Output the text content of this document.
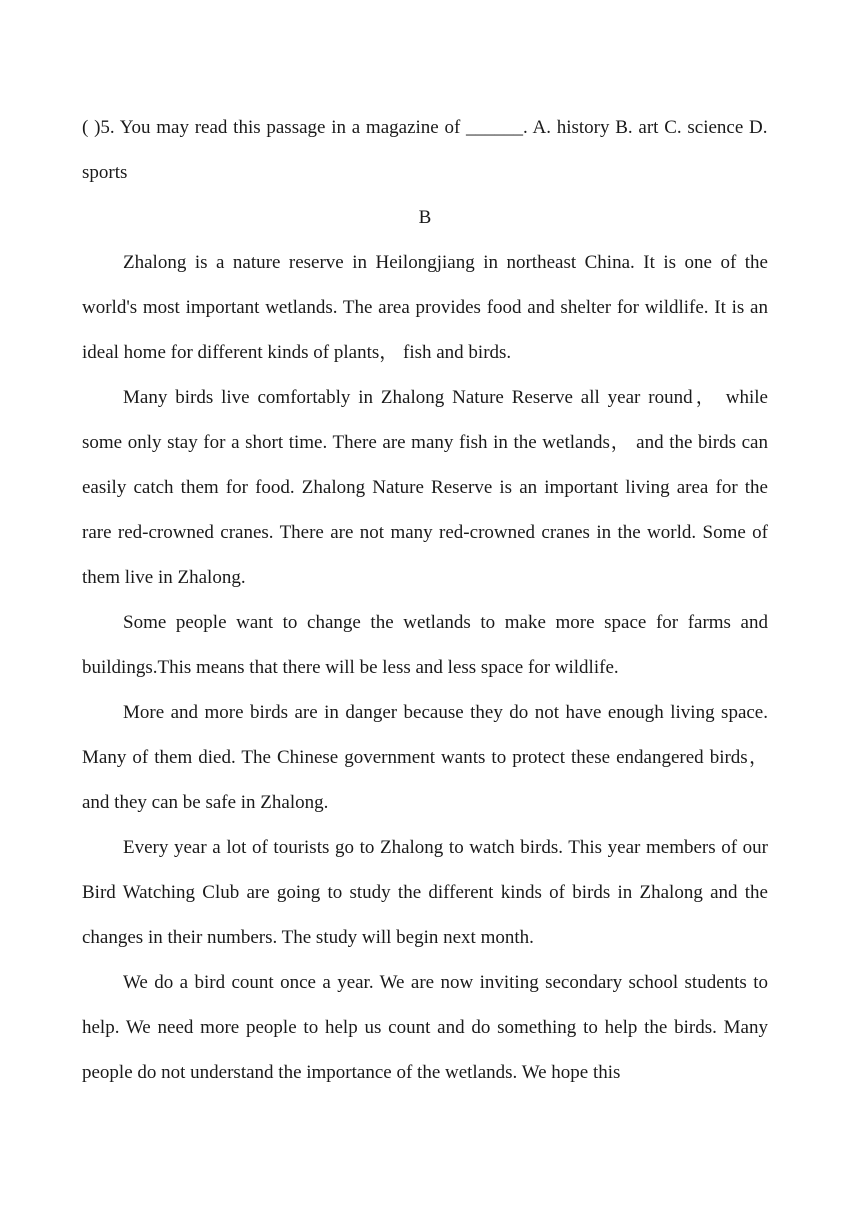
( )5. You may read this passage in a magazine of ______. A. history B. art C. science D. sports

B

Zhalong is a nature reserve in Heilongjiang in northeast China. It is one of the world's most important wetlands. The area provides food and shelter for wildlife. It is an ideal home for different kinds of plants， fish and birds.

Many birds live comfortably in Zhalong Nature Reserve all year round， while some only stay for a short time. There are many fish in the wetlands， and the birds can easily catch them for food. Zhalong Nature Reserve is an important living area for the rare red-crowned cranes. There are not many red-crowned cranes in the world. Some of them live in Zhalong.

Some people want to change the wetlands to make more space for farms and buildings.This means that there will be less and less space for wildlife.

More and more birds are in danger because they do not have enough living space. Many of them died. The Chinese government wants to protect these endangered birds， and they can be safe in Zhalong.

Every year a lot of tourists go to Zhalong to watch birds. This year members of our Bird Watching Club are going to study the different kinds of birds in Zhalong and the changes in their numbers. The study will begin next month.

We do a bird count once a year. We are now inviting secondary school students to help. We need more people to help us count and do something to help the birds. Many people do not understand the importance of the wetlands. We hope this
